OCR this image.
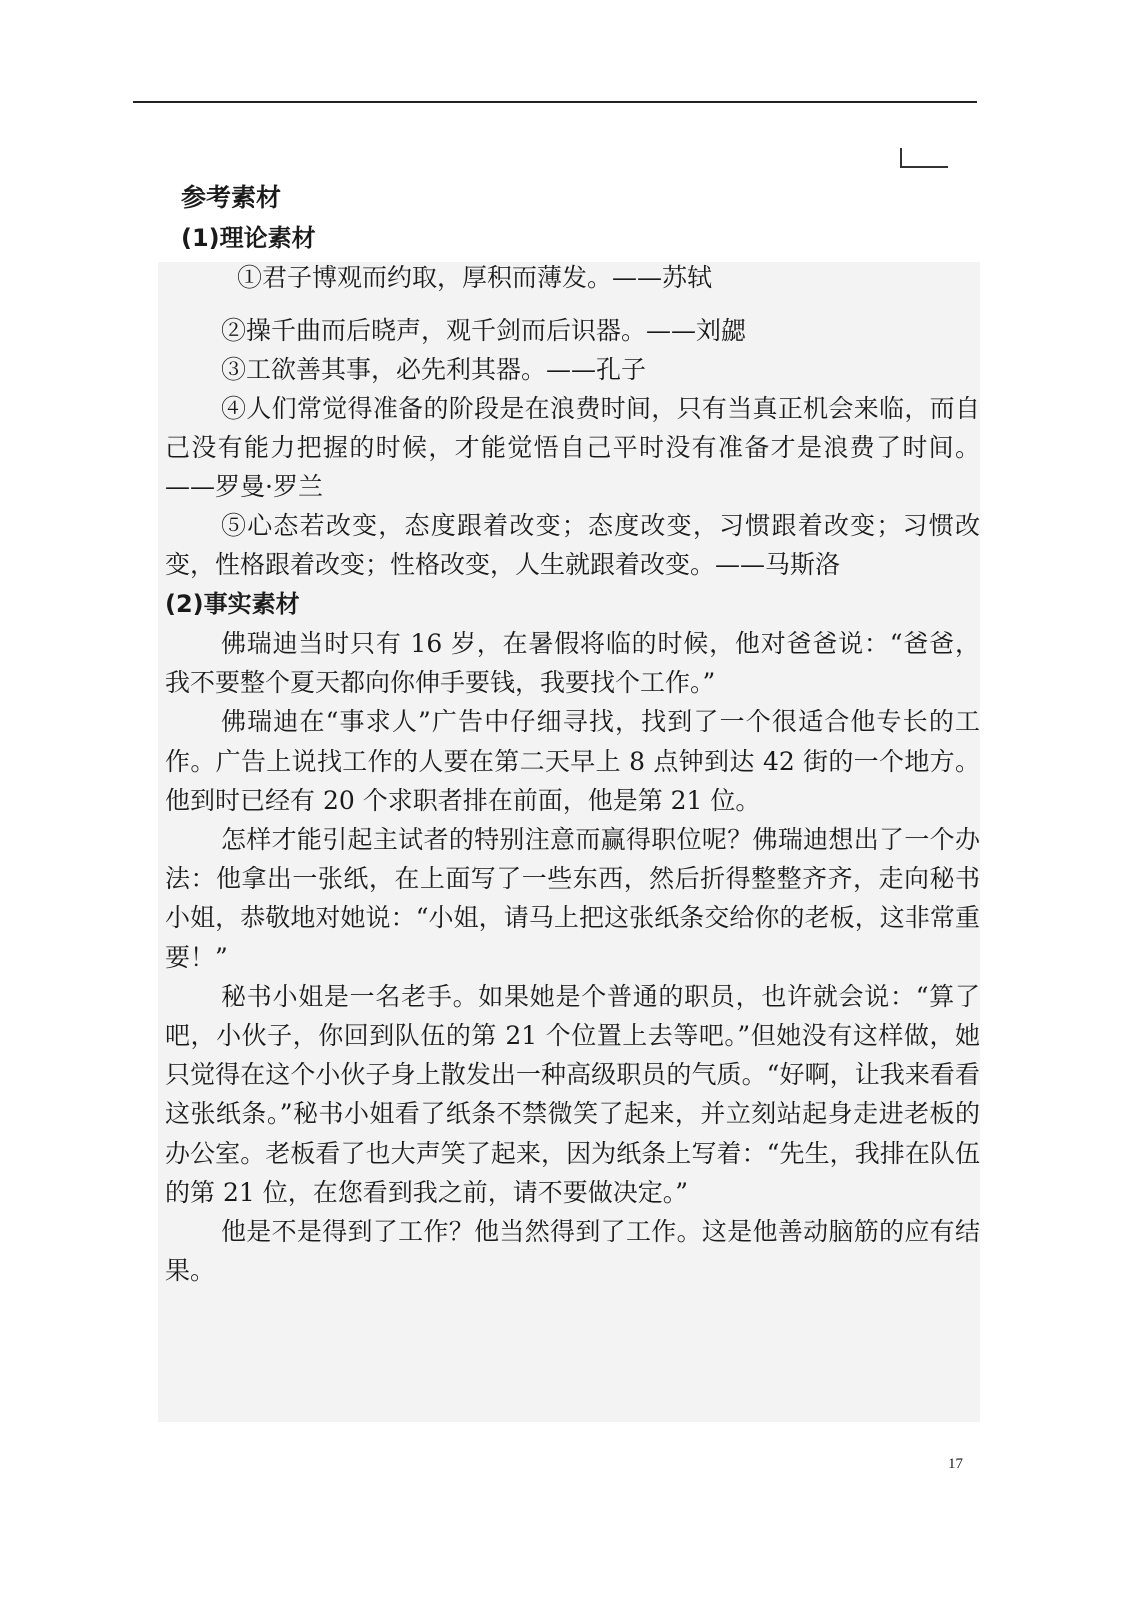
参考素材
(1)理论素材

①君子博观而约取，厚积而薄发。——苏轼

②操千曲而后晓声，观千剑而后识器。——刘勰

③工欲善其事，必先利其器。——孔子

④人们常觉得准备的阶段是在浪费时间，只有当真正机会来临，而自己没有能力把握的时候，才能觉悟自己平时没有准备才是浪费了时间。——罗曼·罗兰

⑤心态若改变，态度跟着改变；态度改变，习惯跟着改变；习惯改变，性格跟着改变；性格改变，人生就跟着改变。——马斯洛

(2)事实素材

佛瑞迪当时只有 16 岁，在暑假将临的时候，他对爸爸说：“爸爸，我不要整个夏天都向你伸手要钱，我要找个工作。”

佛瑞迪在“事求人”广告中仔细寻找，找到了一个很适合他专长的工作。广告上说找工作的人要在第二天早上 8 点钟到达 42 街的一个地方。他到时已经有 20 个求职者排在前面，他是第 21 位。

怎样才能引起主试者的特别注意而赢得职位呢？佛瑞迪想出了一个办法：他拿出一张纸，在上面写了一些东西，然后折得整整齐齐，走向秘书小姐，恭敬地对她说：“小姐，请马上把这张纸条交给你的老板，这非常重要！”

秘书小姐是一名老手。如果她是个普通的职员，也许就会说：“算了吧，小伙子，你回到队伍的第 21 个位置上去等吧。”但她没有这样做，她只觉得在这个小伙子身上散发出一种高级职员的气质。“好啊，让我来看看这张纸条。”秘书小姐看了纸条不禁微笑了起来，并立刻站起身走进老板的办公室。老板看了也大声笑了起来，因为纸条上写着：“先生，我排在队伍的第 21 位，在您看到我之前，请不要做决定。”

他是不是得到了工作？他当然得到了工作。这是他善动脑筋的应有结果。

17
